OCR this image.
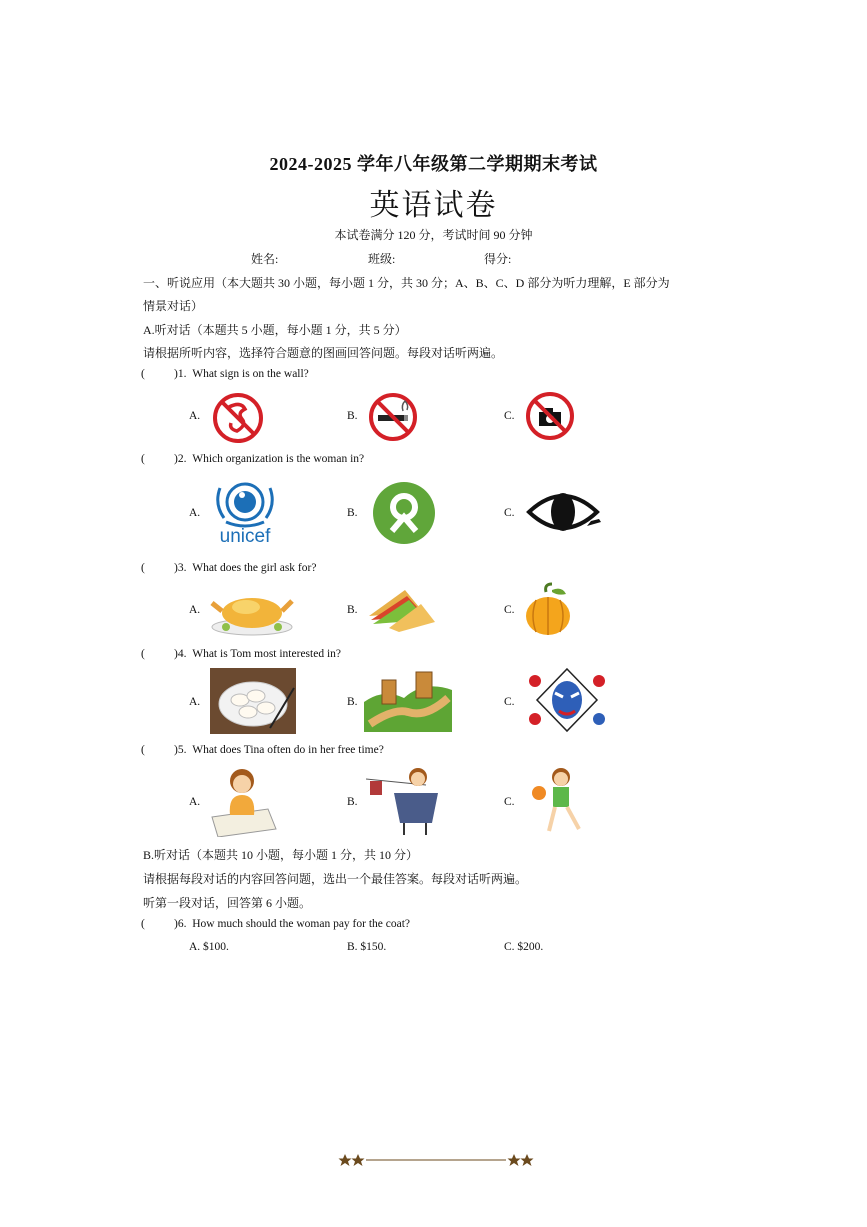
2024-2025 学年八年级第二学期期末考试
英语试卷
本试卷满分 120 分，考试时间 90 分钟
姓名:	班级:	得分:
一、听说应用（本大题共 30 小题，每小题 1 分，共 30 分；A、B、C、D 部分为听力理解，E 部分为
情景对话）
A.听对话（本题共 5 小题，每小题 1 分，共 5 分）
请根据所听内容，选择符合题意的图画回答问题。每段对话听两遍。
(	)1. What sign is on the wall?
A.	B.	C.
(	)2. Which organization is the woman in?
A.	B.	C.
unicef
(	)3. What does the girl ask for?
A.	B.	C.
(	)4. What is Tom most interested in?
A.	B.	C.
(	)5. What does Tina often do in her free time?
A.	B.	C.
B.听对话（本题共 10 小题，每小题 1 分，共 10 分）
请根据每段对话的内容回答问题，选出一个最佳答案。每段对话听两遍。
听第一段对话，回答第 6 小题。
(	)6. How much should the woman pay for the coat?
A. $100.	B. $150.	C. $200.
